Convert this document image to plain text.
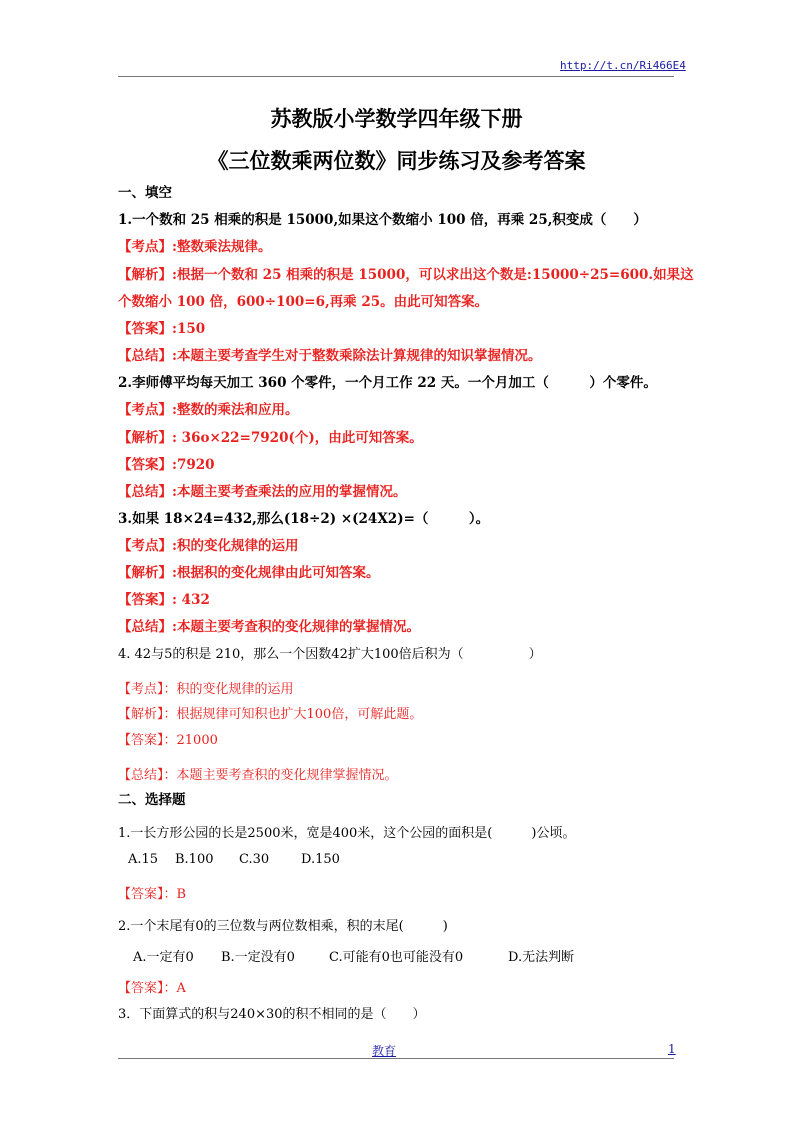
http://t.cn/Ri466E4
苏教版小学数学四年级下册
《三位数乘两位数》同步练习及参考答案
一、填空
1.一个数和 25 相乘的积是 15000,如果这个数缩小 100 倍，再乘 25,积变成（　　）
【考点】:整数乘法规律。
【解析】:根据一个数和 25 相乘的积是 15000，可以求出这个数是:15000÷25=600.如果这
个数缩小 100 倍，600÷100=6,再乘 25。由此可知答案。
【答案】:150
【总结】:本题主要考查学生对于整数乘除法计算规律的知识掌握情况。
2.李师傅平均每天加工 360 个零件，一个月工作 22 天。一个月加工（　　　）个零件。
【考点】:整数的乘法和应用。
【解析】: 36o×22=7920(个)，由此可知答案。
【答案】:7920
【总结】:本题主要考查乘法的应用的掌握情况。
3.如果 18×24=432,那么(18÷2) ×(24X2)=（　　　）。
【考点】:积的变化规律的运用
【解析】:根据积的变化规律由此可知答案。
【答案】: 432
【总结】:本题主要考查积的变化规律的掌握情况。
4. 42与5的积是 210，那么一个因数42扩大100倍后积为（　　　　　）
【考点】：积的变化规律的运用
【解析】：根据规律可知积也扩大100倍，可解此题。
【答案】：21000
【总结】：本题主要考查积的变化规律掌握情况。
二、选择题
1.一长方形公园的长是2500米，宽是400米，这个公园的面积是(　　　)公顷。
A.15 B.100 C.30 D.150
【答案】：B
2.一个末尾有0的三位数与两位数相乘，积的末尾(　　　)
A.一定有0 B.一定没有0	C.可能有0也可能没有0	D.无法判断
【答案】：A
3．下面算式的积与240×30的积不相同的是（　　）
教育	1
